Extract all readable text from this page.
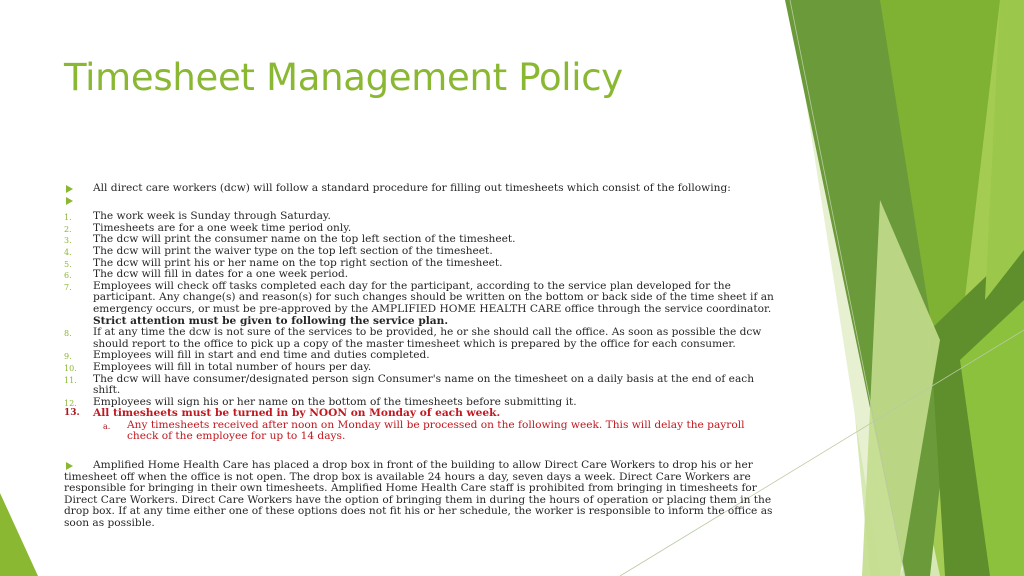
Timesheet Management Policy
All direct care workers (dcw) will follow a standard procedure for filling out timesheets which consist of the following:
1. The work week is Sunday through Saturday.
2. Timesheets are for a one week time period only.
3. The dcw will print the consumer name on the top left section of the timesheet.
4. The dcw will print the waiver type on the top left section of the timesheet.
5. The dcw will print his or her name on the top right section of the timesheet.
6. The dcw will fill in dates for a one week period.
7. Employees will check off tasks completed each day for the participant, according to the service plan developed for the participant. Any change(s) and reason(s) for such changes should be written on the bottom or back side of the time sheet if an emergency occurs, or must be pre-approved by the AMPLIFIED HOME HEALTH CARE office through the service coordinator. Strict attention must be given to following the service plan.
8. If at any time the dcw is not sure of the services to be provided, he or she should call the office. As soon as possible the dcw should report to the office to pick up a copy of the master timesheet which is prepared by the office for each consumer.
9. Employees will fill in start and end time and duties completed.
10. Employees will fill in total number of hours per day.
11. The dcw will have consumer/designated person sign Consumer's name on the timesheet on a daily basis at the end of each shift.
12. Employees will sign his or her name on the bottom of the timesheets before submitting it.
13. All timesheets must be turned in by NOON on Monday of each week.
a. Any timesheets received after noon on Monday will be processed on the following week. This will delay the payroll check of the employee for up to 14 days.
Amplified Home Health Care has placed a drop box in front of the building to allow Direct Care Workers to drop his or her timesheet off when the office is not open. The drop box is available 24 hours a day, seven days a week. Direct Care Workers are responsible for bringing in their own timesheets. Amplified Home Health Care staff is prohibited from bringing in timesheets for Direct Care Workers. Direct Care Workers have the option of bringing them in during the hours of operation or placing them in the drop box. If at any time either one of these options does not fit his or her schedule, the worker is responsible to inform the office as soon as possible.
